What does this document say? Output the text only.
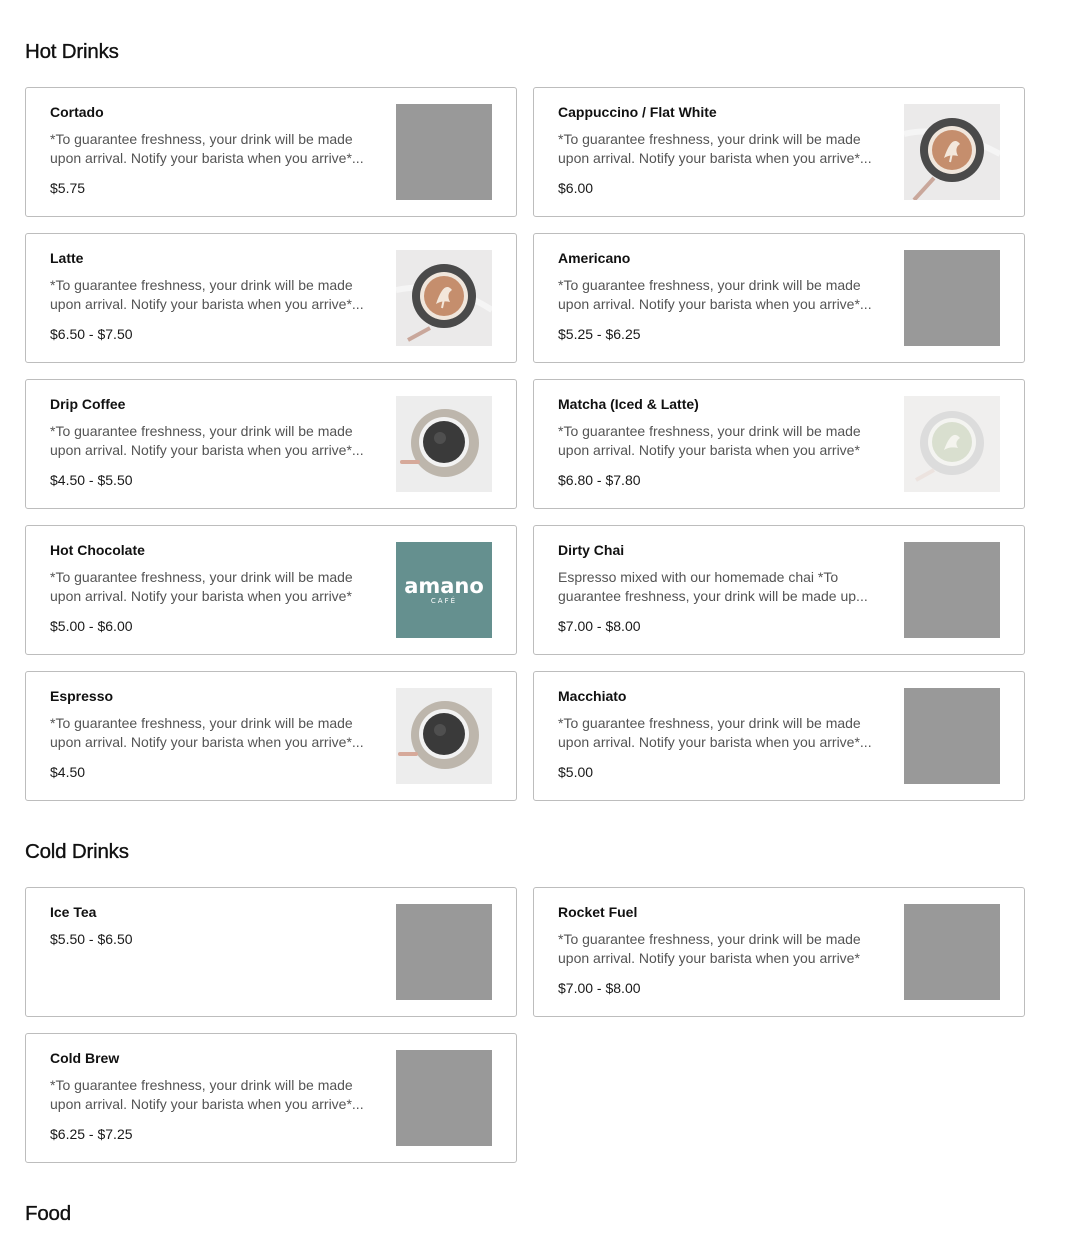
Hot Drinks
Cortado
*To guarantee freshness, your drink will be made upon arrival. Notify your barista when you arrive*...
$5.75
Cappuccino / Flat White
*To guarantee freshness, your drink will be made upon arrival. Notify your barista when you arrive*...
$6.00
Latte
*To guarantee freshness, your drink will be made upon arrival. Notify your barista when you arrive*...
$6.50 - $7.50
Americano
*To guarantee freshness, your drink will be made upon arrival. Notify your barista when you arrive*...
$5.25 - $6.25
Drip Coffee
*To guarantee freshness, your drink will be made upon arrival. Notify your barista when you arrive*...
$4.50 - $5.50
Matcha (Iced & Latte)
*To guarantee freshness, your drink will be made upon arrival. Notify your barista when you arrive*
$6.80 - $7.80
Hot Chocolate
*To guarantee freshness, your drink will be made upon arrival. Notify your barista when you arrive*
$5.00 - $6.00
amano
CAFÉ
Dirty Chai
Espresso mixed with our homemade chai *To guarantee freshness, your drink will be made up...
$7.00 - $8.00
Espresso
*To guarantee freshness, your drink will be made upon arrival. Notify your barista when you arrive*...
$4.50
Macchiato
*To guarantee freshness, your drink will be made upon arrival. Notify your barista when you arrive*...
$5.00
Cold Drinks
Ice Tea
$5.50 - $6.50
Rocket Fuel
*To guarantee freshness, your drink will be made upon arrival. Notify your barista when you arrive*
$7.00 - $8.00
Cold Brew
*To guarantee freshness, your drink will be made upon arrival. Notify your barista when you arrive*...
$6.25 - $7.25
Food
